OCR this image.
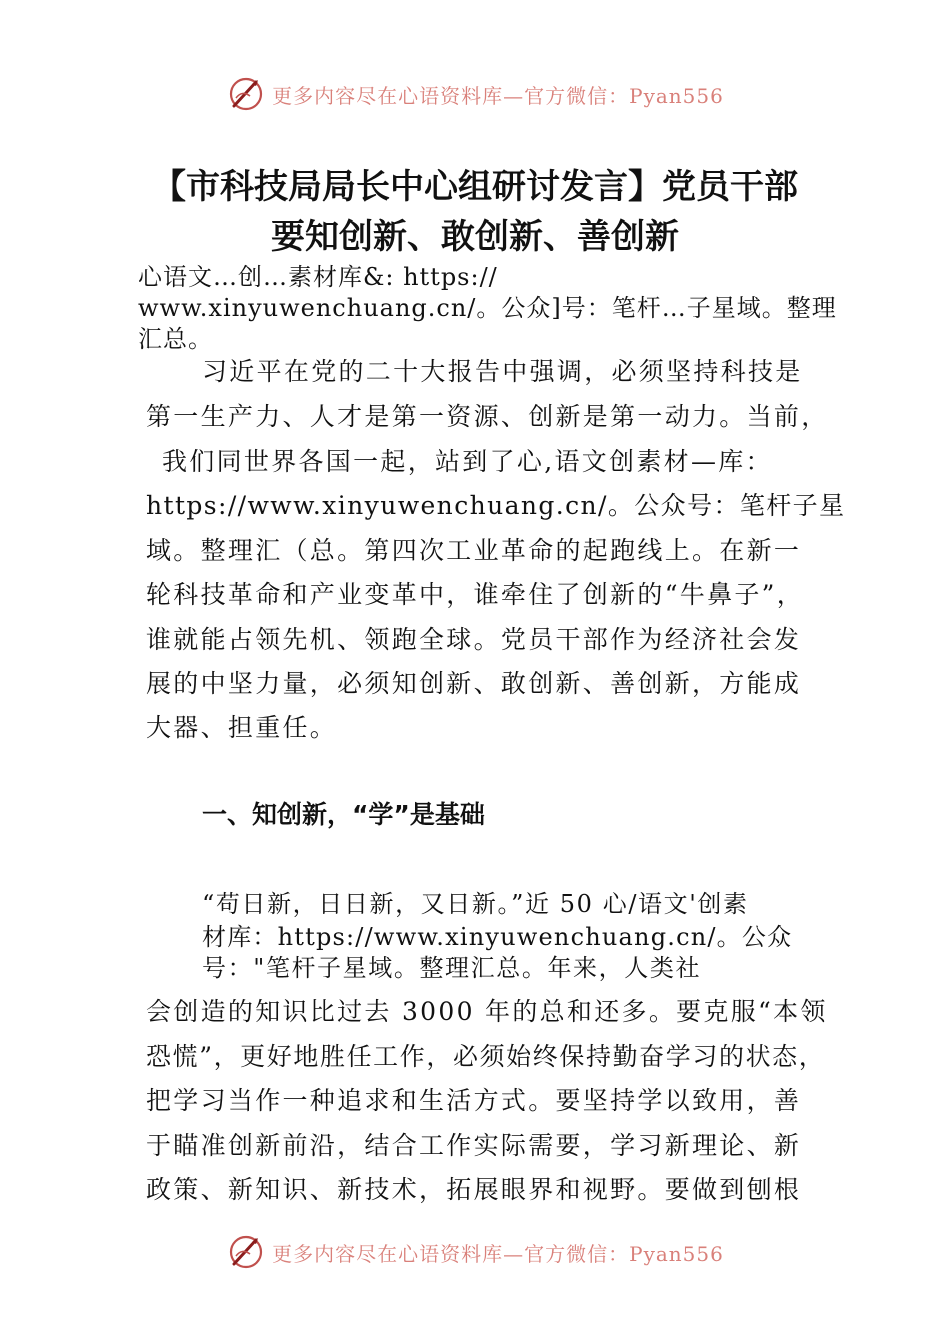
更多内容尽在心语资料库—官方微信：Pyan556
【市科技局局长中心组研讨发言】党员干部
要知创新、敢创新、善创新
心语文…创…素材库&: https://
www.xinyuwenchuang.cn/。公众]号：笔杆…子星域。整理
汇总。
习近平在党的二十大报告中强调，必须坚持科技是
第一生产力、人才是第一资源、创新是第一动力。当前，
我们同世界各国一起，站到了心,语文创素材—库：
https://www.xinyuwenchuang.cn/。公众号：笔杆子星
域。整理汇（总。第四次工业革命的起跑线上。在新一
轮科技革命和产业变革中，谁牵住了创新的“牛鼻子”，
谁就能占领先机、领跑全球。党员干部作为经济社会发
展的中坚力量，必须知创新、敢创新、善创新，方能成
大器、担重任。
一、知创新，“学”是基础
“苟日新，日日新，又日新。”近 50 心/语文'创素
材库：https://www.xinyuwenchuang.cn/。公众
号："笔杆子星域。整理汇总。年来，人类社
会创造的知识比过去 3000 年的总和还多。要克服“本领
恐慌”，更好地胜任工作，必须始终保持勤奋学习的状态，
把学习当作一种追求和生活方式。要坚持学以致用，善
于瞄准创新前沿，结合工作实际需要，学习新理论、新
政策、新知识、新技术，拓展眼界和视野。要做到刨根
更多内容尽在心语资料库—官方微信：Pyan556
